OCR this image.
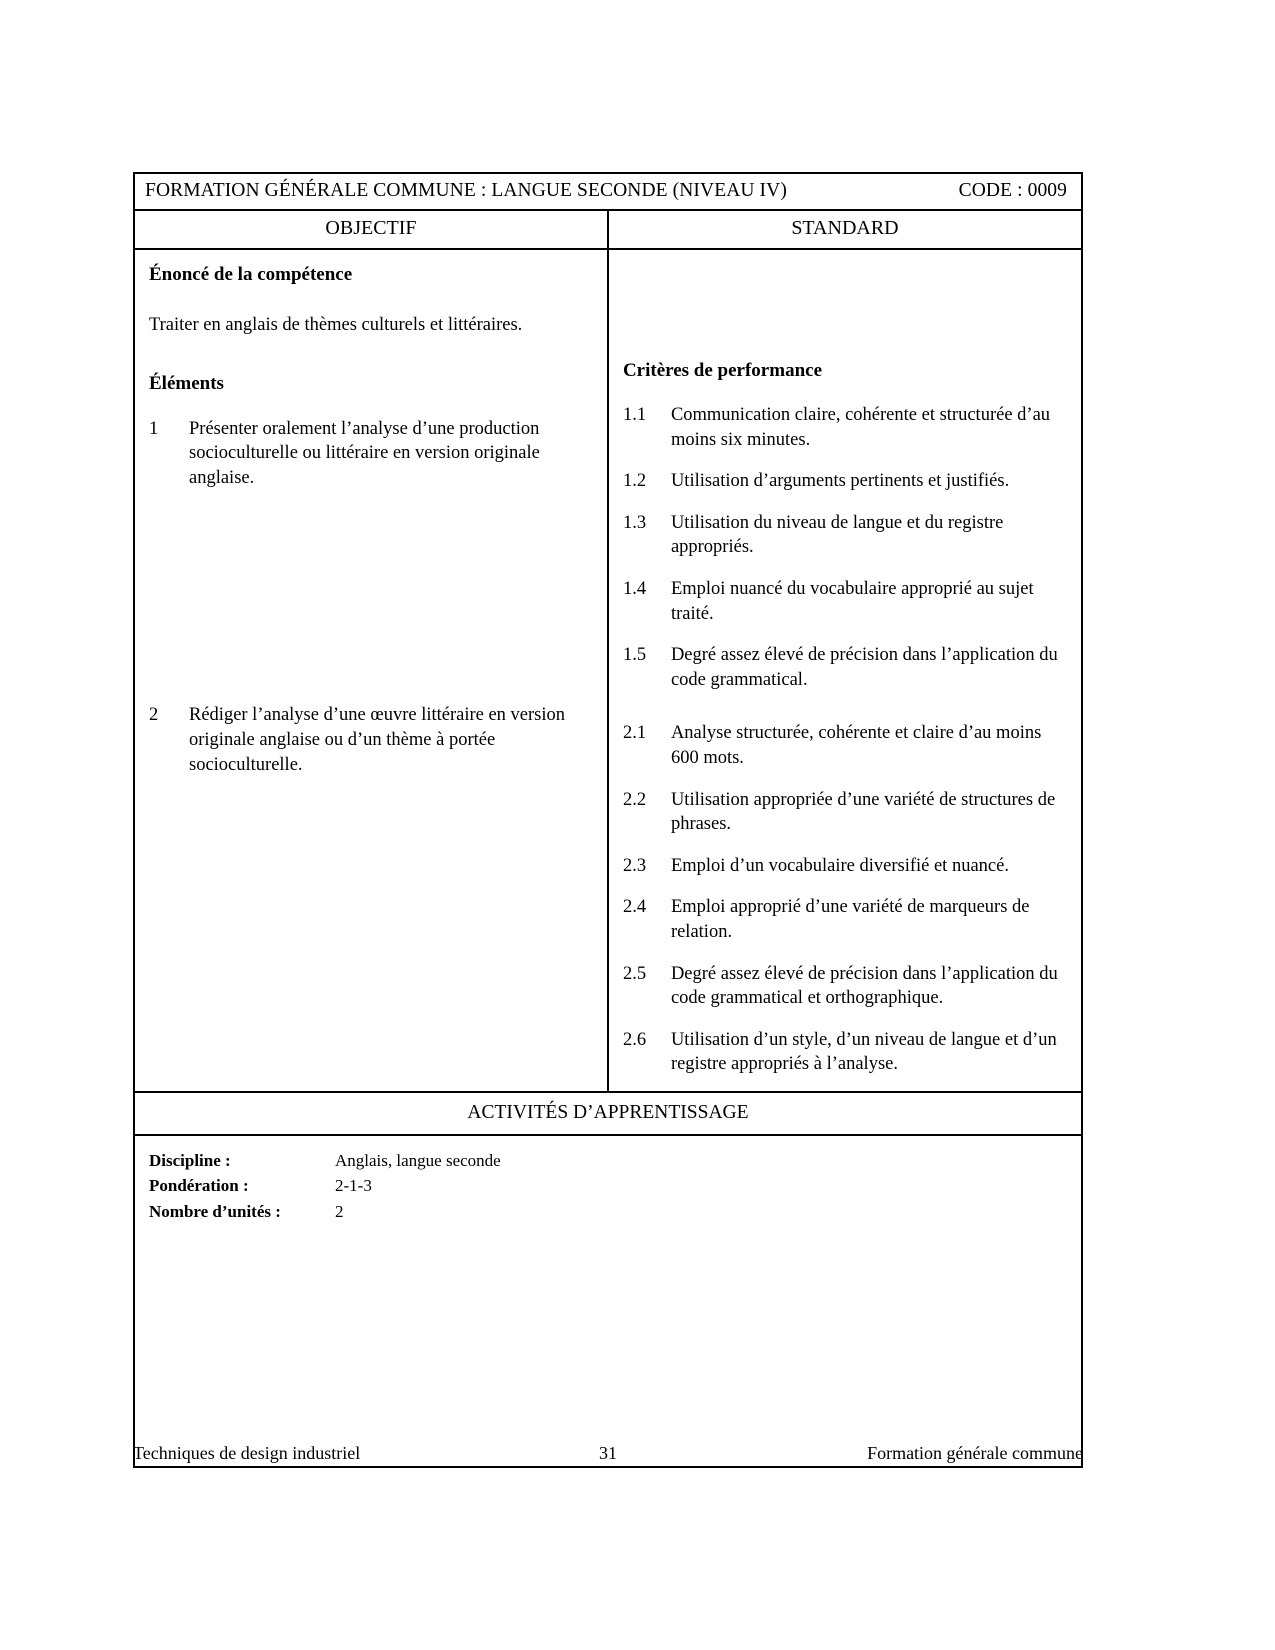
FORMATION GÉNÉRALE COMMUNE : LANGUE SECONDE (NIVEAU IV)	CODE : 0009
OBJECTIF	STANDARD
Énoncé de la compétence
Traiter en anglais de thèmes culturels et littéraires.
Éléments
1	Présenter oralement l’analyse d’une production socioculturelle ou littéraire en version originale anglaise.
2	Rédiger l’analyse d’une œuvre littéraire en version originale anglaise ou d’un thème à portée socioculturelle.
Critères de performance
1.1	Communication claire, cohérente et structurée d’au moins six minutes.
1.2	Utilisation d’arguments pertinents et justifiés.
1.3	Utilisation du niveau de langue et du registre appropriés.
1.4	Emploi nuancé du vocabulaire approprié au sujet traité.
1.5	Degré assez élevé de précision dans l’application du code grammatical.
2.1	Analyse structurée, cohérente et claire d’au moins 600 mots.
2.2	Utilisation appropriée d’une variété de structures de phrases.
2.3	Emploi d’un vocabulaire diversifié et nuancé.
2.4	Emploi approprié d’une variété de marqueurs de relation.
2.5	Degré assez élevé de précision dans l’application du code grammatical et orthographique.
2.6	Utilisation d’un style, d’un niveau de langue et d’un registre appropriés à l’analyse.
ACTIVITÉS D’APPRENTISSAGE
Discipline :	Anglais, langue seconde
Pondération :	2-1-3
Nombre d’unités :	2
Techniques de design industriel	31	Formation générale commune
